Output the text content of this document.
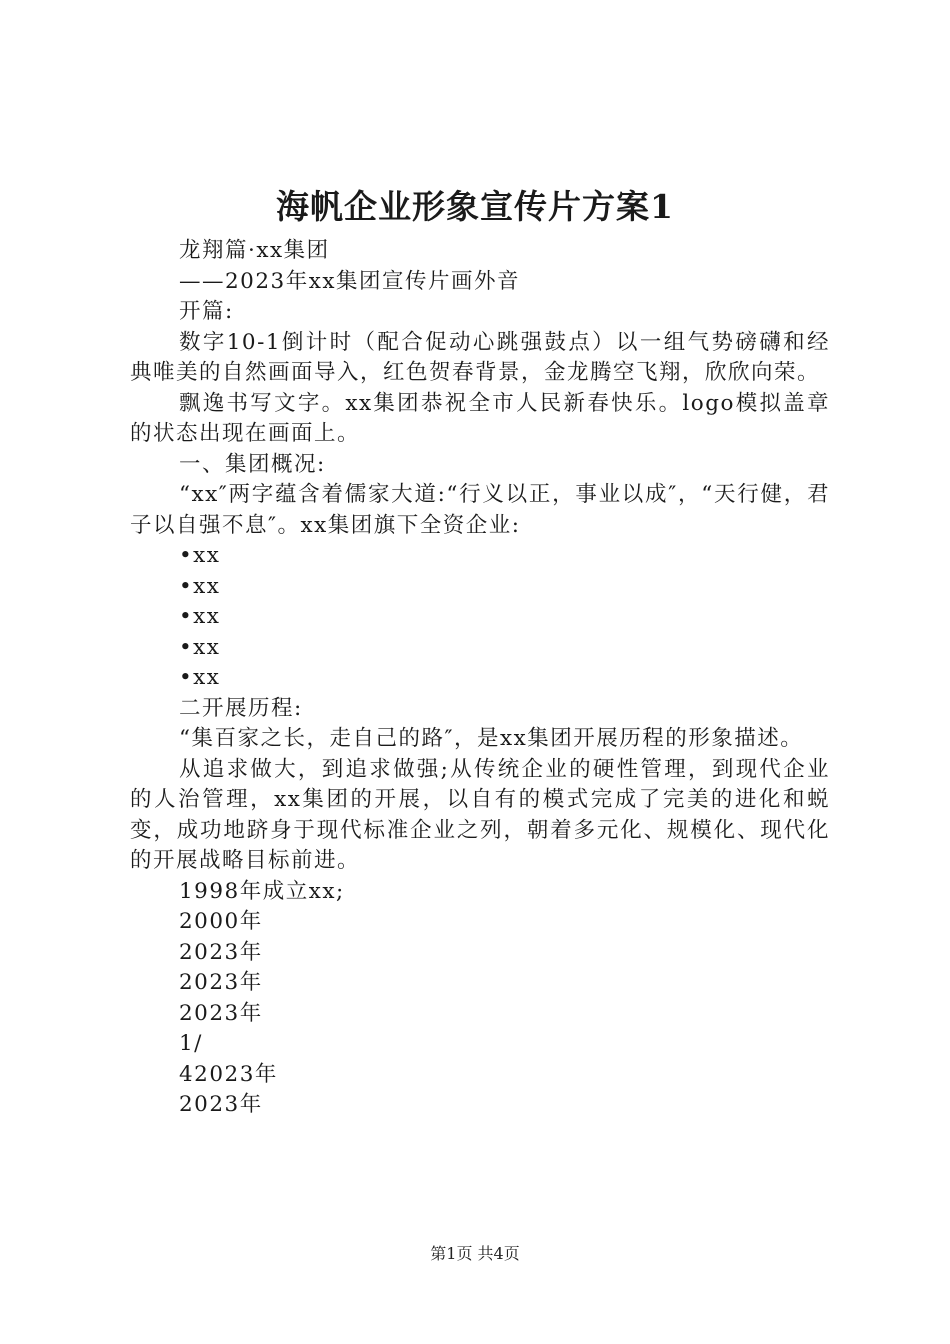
海帆企业形象宣传片方案1

龙翔篇·xx集团

——2023年xx集团宣传片画外音

开篇:

数字10-1倒计时（配合促动心跳强鼓点）以一组气势磅礴和经典唯美的自然画面导入，红色贺春背景，金龙腾空飞翔，欣欣向荣。

飘逸书写文字。xx集团恭祝全市人民新春快乐。logo模拟盖章的状态出现在画面上。

一、集团概况:

“xx″两字蕴含着儒家大道:“行义以正，事业以成″，“天行健，君子以自强不息″。xx集团旗下全资企业:

•xx

•xx

•xx

•xx

•xx

二开展历程:

“集百家之长，走自己的路″，是xx集团开展历程的形象描述。

从追求做大，到追求做强;从传统企业的硬性管理，到现代企业的人治管理，xx集团的开展，以自有的模式完成了完美的进化和蜕变，成功地跻身于现代标准企业之列，朝着多元化、规模化、现代化的开展战略目标前进。

1998年成立xx;

2000年

2023年

2023年

2023年

1/

42023年

2023年

第1页 共4页
